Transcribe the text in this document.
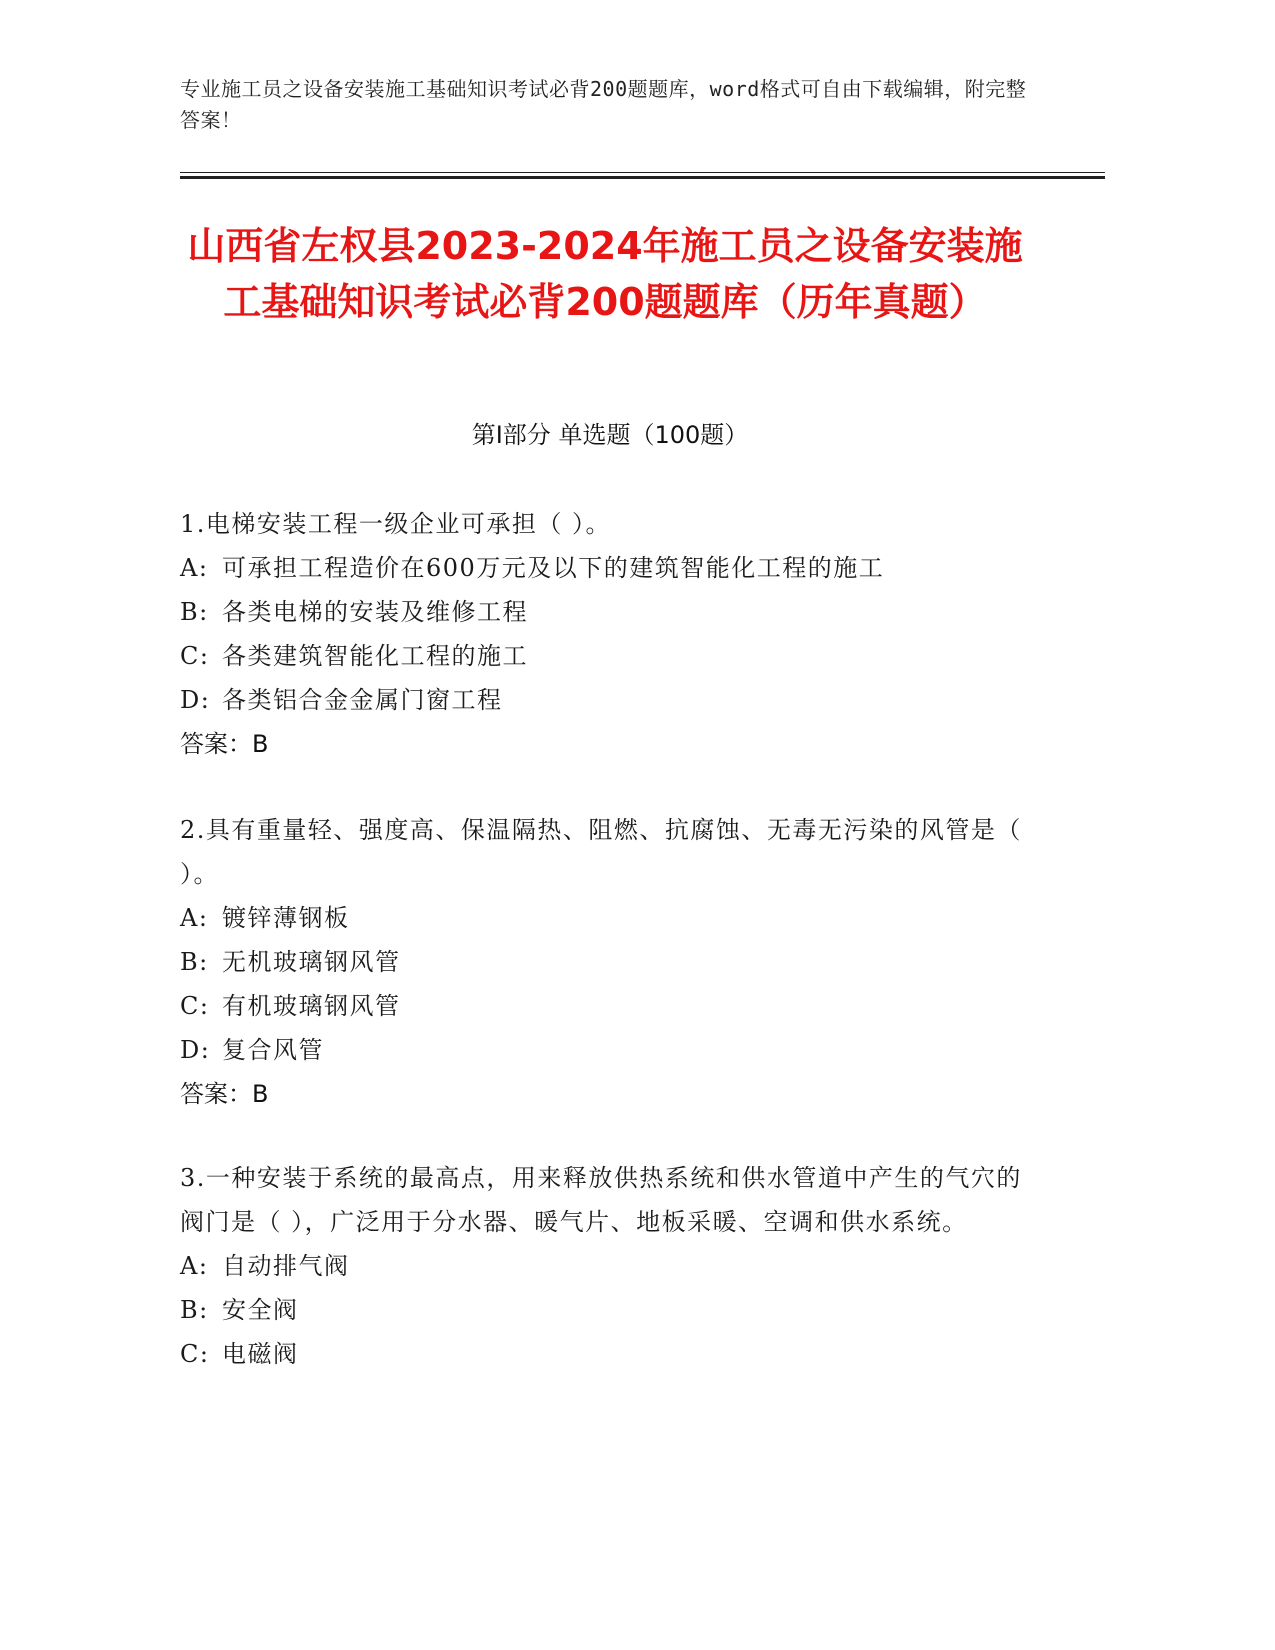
专业施工员之设备安装施工基础知识考试必背200题题库，word格式可自由下载编辑，附完整答案！
山西省左权县2023-2024年施工员之设备安装施工基础知识考试必背200题题库（历年真题）
第I部分 单选题（100题）

1.电梯安装工程一级企业可承担（ ）。

A: 可承担工程造价在600万元及以下的建筑智能化工程的施工

B: 各类电梯的安装及维修工程

C: 各类建筑智能化工程的施工

D: 各类铝合金金属门窗工程

答案：B

2.具有重量轻、强度高、保温隔热、阻燃、抗腐蚀、无毒无污染的风管是（ ）。

A: 镀锌薄钢板

B: 无机玻璃钢风管

C: 有机玻璃钢风管

D: 复合风管

答案：B

3.一种安装于系统的最高点，用来释放供热系统和供水管道中产生的气穴的阀门是（ ），广泛用于分水器、暖气片、地板采暖、空调和供水系统。

A: 自动排气阀

B: 安全阀

C: 电磁阀
